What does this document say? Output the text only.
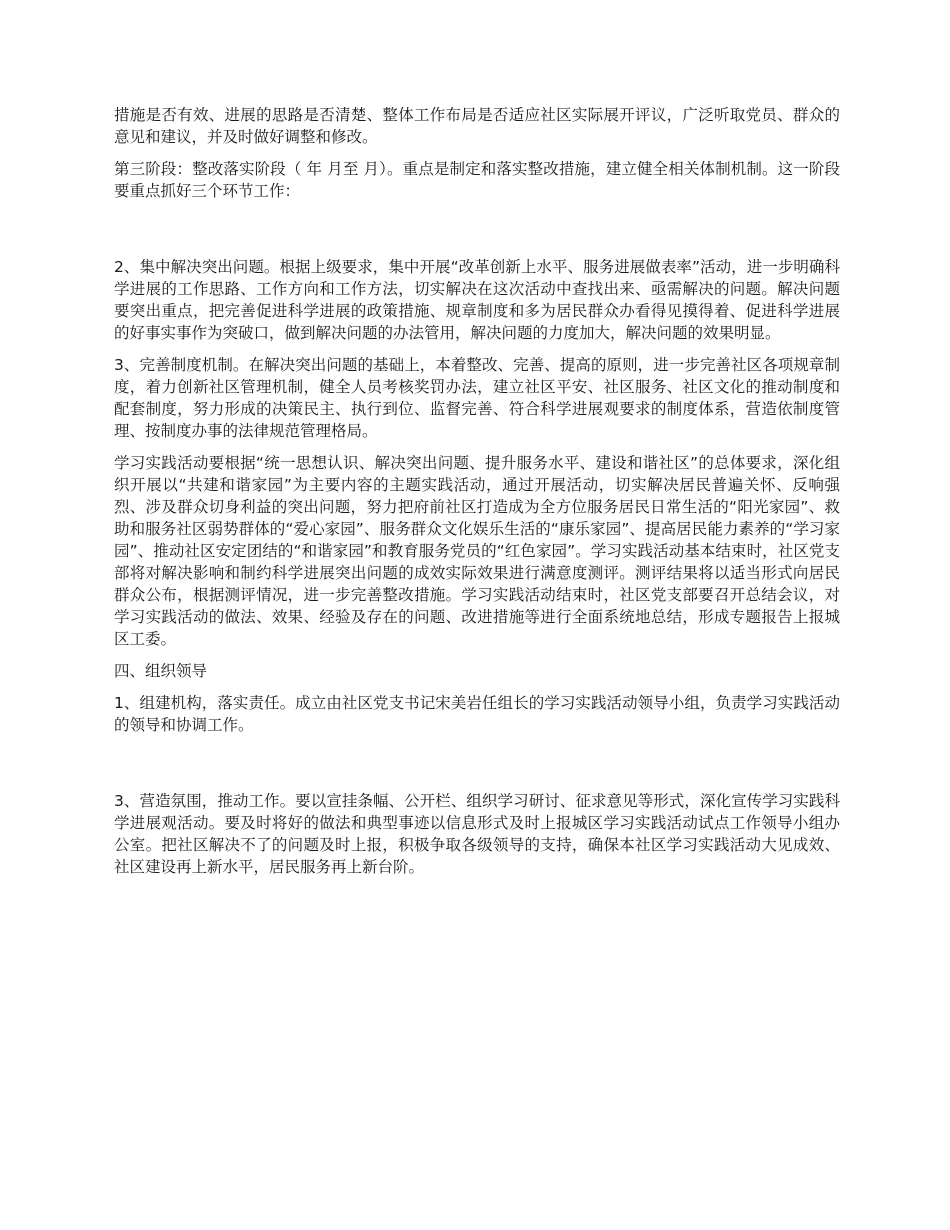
措施是否有效、进展的思路是否清楚、整体工作布局是否适应社区实际展开评议，广泛听取党员、群众的意见和建议，并及时做好调整和修改。

第三阶段：整改落实阶段（ 年 月至 月）。重点是制定和落实整改措施，建立健全相关体制机制。这一阶段要重点抓好三个环节工作：

2、集中解决突出问题。根据上级要求，集中开展“改革创新上水平、服务进展做表率”活动，进一步明确科学进展的工作思路、工作方向和工作方法，切实解决在这次活动中查找出来、亟需解决的问题。解决问题要突出重点，把完善促进科学进展的政策措施、规章制度和多为居民群众办看得见摸得着、促进科学进展的好事实事作为突破口，做到解决问题的办法管用，解决问题的力度加大，解决问题的效果明显。

3、完善制度机制。在解决突出问题的基础上，本着整改、完善、提高的原则，进一步完善社区各项规章制度，着力创新社区管理机制，健全人员考核奖罚办法，建立社区平安、社区服务、社区文化的推动制度和配套制度，努力形成的决策民主、执行到位、监督完善、符合科学进展观要求的制度体系，营造依制度管理、按制度办事的法律规范管理格局。

学习实践活动要根据“统一思想认识、解决突出问题、提升服务水平、建设和谐社区”的总体要求，深化组织开展以“共建和谐家园”为主要内容的主题实践活动，通过开展活动，切实解决居民普遍关怀、反响强烈、涉及群众切身利益的突出问题，努力把府前社区打造成为全方位服务居民日常生活的“阳光家园”、救助和服务社区弱势群体的“爱心家园”、服务群众文化娱乐生活的“康乐家园”、提高居民能力素养的“学习家园”、推动社区安定团结的“和谐家园”和教育服务党员的“红色家园”。学习实践活动基本结束时，社区党支部将对解决影响和制约科学进展突出问题的成效实际效果进行满意度测评。测评结果将以适当形式向居民群众公布，根据测评情况，进一步完善整改措施。学习实践活动结束时，社区党支部要召开总结会议，对学习实践活动的做法、效果、经验及存在的问题、改进措施等进行全面系统地总结，形成专题报告上报城区工委。

四、组织领导

1、组建机构，落实责任。成立由社区党支书记宋美岩任组长的学习实践活动领导小组，负责学习实践活动的领导和协调工作。

3、营造氛围，推动工作。要以宣挂条幅、公开栏、组织学习研讨、征求意见等形式，深化宣传学习实践科学进展观活动。要及时将好的做法和典型事迹以信息形式及时上报城区学习实践活动试点工作领导小组办公室。把社区解决不了的问题及时上报，积极争取各级领导的支持，确保本社区学习实践活动大见成效、社区建设再上新水平，居民服务再上新台阶。
